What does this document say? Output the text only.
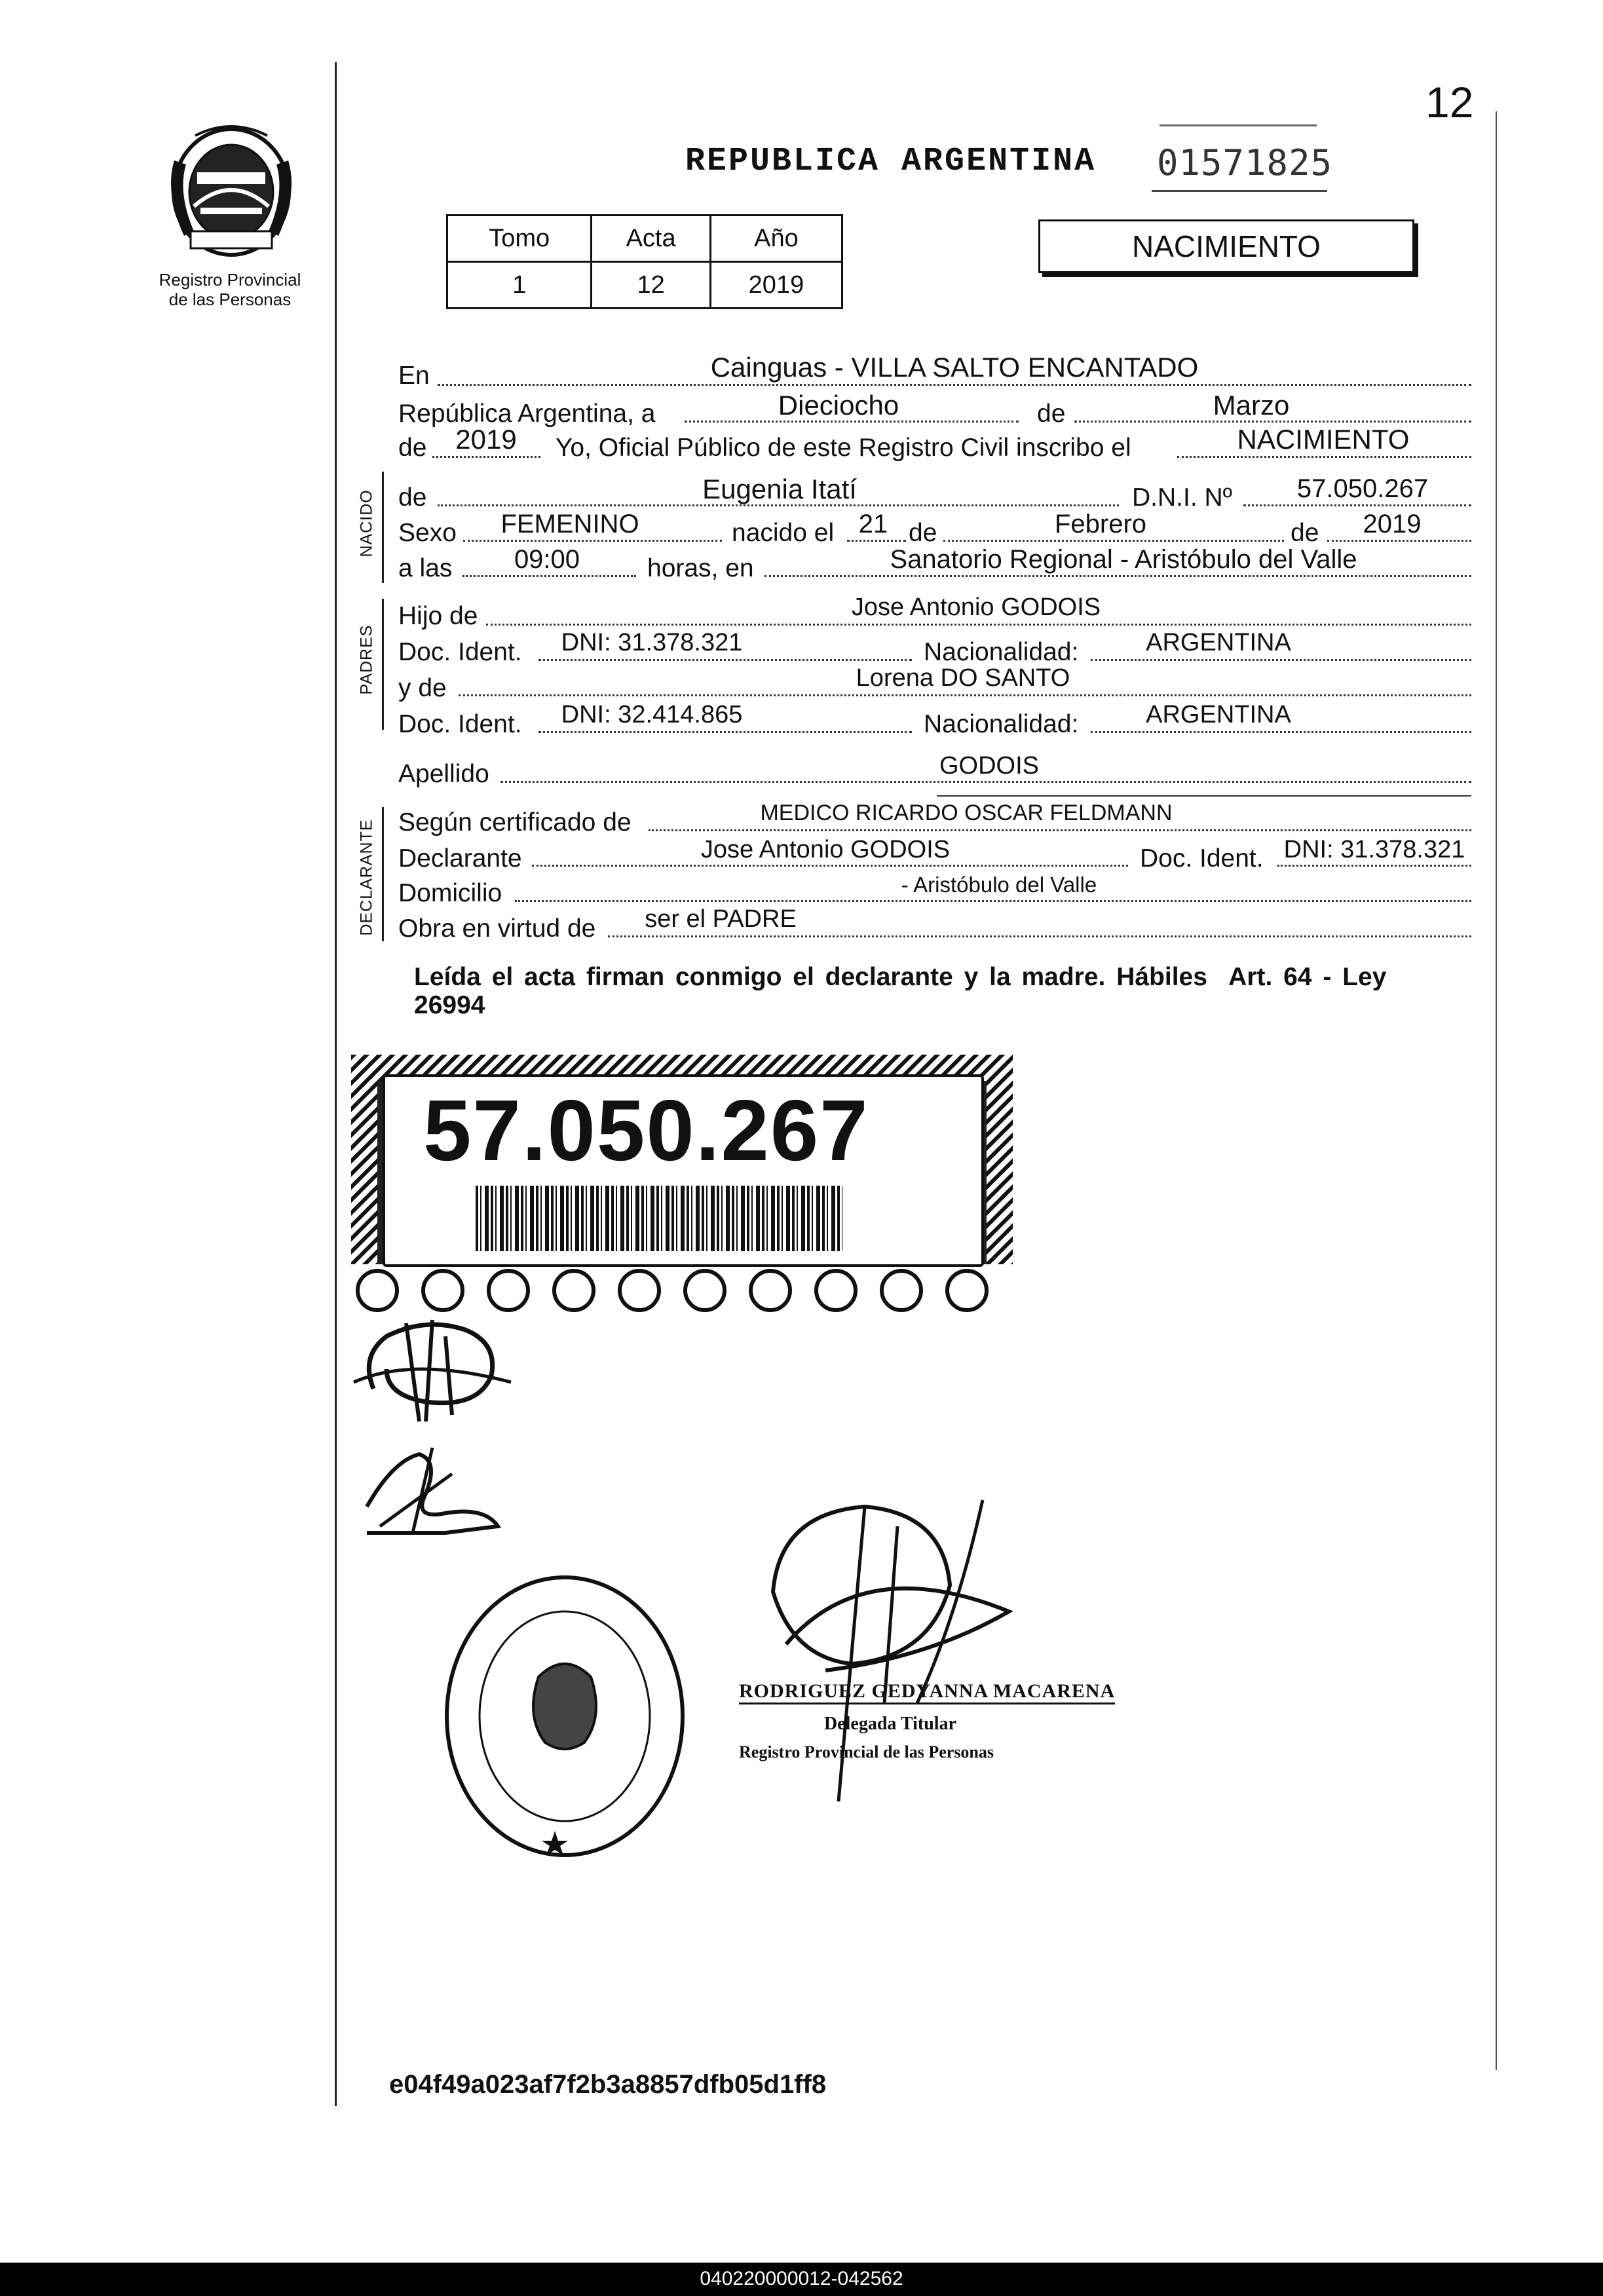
12
Registro Provincial
de las Personas
REPUBLICA ARGENTINA 01571825
Tomo	Acta	Año
1	12	2019
NACIMIENTO
En	Cainguas - VILLA SALTO ENCANTADO
República Argentina, a	Dieciocho	de	Marzo
de	2019	Yo, Oficial Público de este Registro Civil inscribo el	NACIMIENTO
NACIDO de	Eugenia Itatí	D.N.I. Nº	57.050.267
Sexo	FEMENINO	nacido el 21 de	Febrero	de	2019
a las	09:00	horas, en	Sanatorio Regional - Aristóbulo del Valle
PADRES
Hijo de	Jose Antonio GODOIS
Doc. Ident.	DNI: 31.378.321	Nacionalidad:	ARGENTINA
y de	Lorena DO SANTO
Doc. Ident.	DNI: 32.414.865	Nacionalidad:	ARGENTINA
Apellido	GODOIS
DECLARANTE Según certificado de	MEDICO RICARDO OSCAR FELDMANN
Declarante	Jose Antonio GODOIS	Doc. Ident. DNI: 31.378.321
Domicilio	- Aristóbulo del Valle
Obra en virtud de	ser el PADRE
Leída el acta firman conmigo el declarante y la madre. Hábiles  Art. 64 - Ley
26994
57.050.267
RODRIGUEZ GEDYANNA MACARENA
Delegada Titular
Registro Provincial de las Personas
e04f49a023af7f2b3a8857dfb05d1ff8
040220000012-042562
